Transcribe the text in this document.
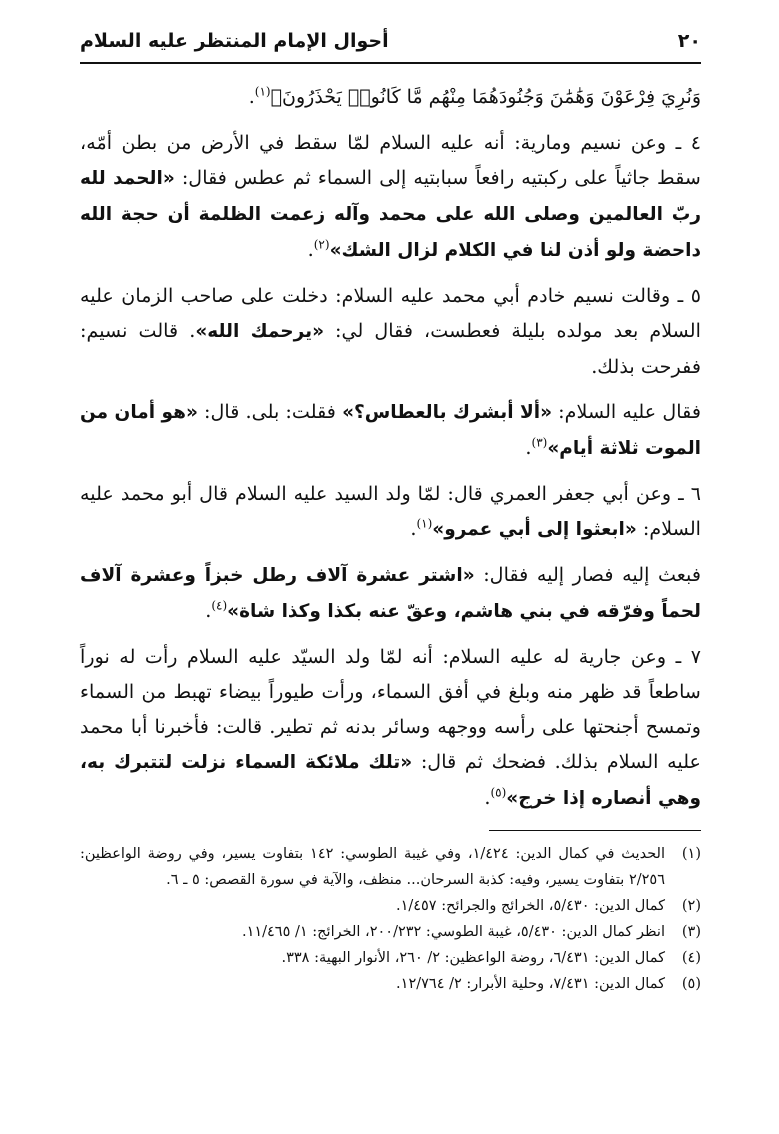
٢٠
أحوال الإمام المنتظر عليه السلام

وَنُرِيَ فِرْعَوْنَ وَهَٰمَٰنَ وَجُنُودَهُمَا مِنْهُم مَّا كَانُوا۟ يَحْذَرُونَ﴾$^{(١)}$.

٤ ـ وعن نسيم ومارية: أنه عليه السلام لمّا سقط في الأرض من بطن أمّه، سقط جاثياً على ركبتيه رافعاً سبابتيه إلى السماء ثم عطس فقال: «الحمد لله ربّ العالمين وصلى الله على محمد وآله زعمت الظلمة أن حجة الله داحضة ولو أذن لنا في الكلام لزال الشك»$^{(٢)}$.

٥ ـ وقالت نسيم خادم أبي محمد عليه السلام: دخلت على صاحب الزمان عليه السلام بعد مولده بليلة فعطست، فقال لي: «يرحمك الله». قالت نسيم: ففرحت بذلك.

فقال عليه السلام: «ألا أبشرك بالعطاس؟» فقلت: بلى. قال: «هو أمان من الموت ثلاثة أيام»$^{(٣)}$.

٦ ـ وعن أبي جعفر العمري قال: لمّا ولد السيد عليه السلام قال أبو محمد عليه السلام: «ابعثوا إلى أبي عمرو»$^{(١)}$.

فبعث إليه فصار إليه فقال: «اشتر عشرة آلاف رطل خبزاً وعشرة آلاف لحماً وفرّقه في بني هاشم، وعقّ عنه بكذا وكذا شاة»$^{(٤)}$.

٧ ـ وعن جارية له عليه السلام: أنه لمّا ولد السيّد عليه السلام رأت له نوراً ساطعاً قد ظهر منه وبلغ في أفق السماء، ورأت طيوراً بيضاء تهبط من السماء وتمسح أجنحتها على رأسه ووجهه وسائر بدنه ثم تطير. قالت: فأخبرنا أبا محمد عليه السلام بذلك. فضحك ثم قال: «تلك ملائكة السماء نزلت لتتبرك به، وهي أنصاره إذا خرج»$^{(٥)}$.

(١)
الحديث في كمال الدين: ١/٤٢٤، وفي غيبة الطوسي: ١٤٢ بتفاوت يسير، وفي روضة الواعظين: ٢/٢٥٦ بتفاوت يسير، وفيه: كذبة السرحان... منظف، والآية في سورة القصص: ٥ ـ ٦.
(٢)
كمال الدين: ٥/٤٣٠، الخرائج والجرائح: ١/٤٥٧.
(٣)
انظر كمال الدين: ٥/٤٣٠، غيبة الطوسي: ٢٠٠/٢٣٢، الخرائج: ١/ ١١/٤٦٥.
(٤)
كمال الدين: ٦/٤٣١، روضة الواعظين: ٢/ ٢٦٠، الأنوار البهية: ٣٣٨.
(٥)
كمال الدين: ٧/٤٣١، وحلية الأبرار: ٢/ ١٢/٧٦٤.
